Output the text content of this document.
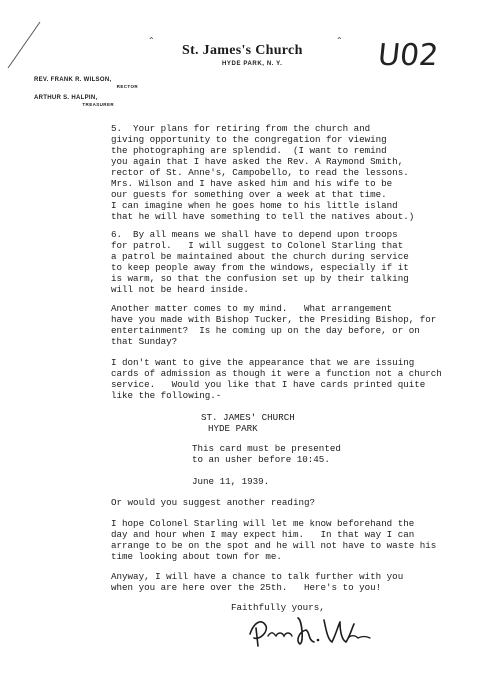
⌃	⌃
St. James's Church
HYDE PARK, N. Y.
REV. FRANK R. WILSON,
RECTOR
ARTHUR S. HALPIN,
TREASURER
U02
5.  Your plans for retiring from the church and
giving opportunity to the congregation for viewing
the photographing are splendid.  (I want to remind
you again that I have asked the Rev. A Raymond Smith,
rector of St. Anne's, Campobello, to read the lessons.
Mrs. Wilson and I have asked him and his wife to be
our guests for something over a week at that time.
I can imagine when he goes home to his little island
that he will have something to tell the natives about.)
6.  By all means we shall have to depend upon troops
for patrol.   I will suggest to Colonel Starling that
a patrol be maintained about the church during service
to keep people away from the windows, especially if it
is warm, so that the confusion set up by their talking
will not be heard inside.
Another matter comes to my mind.   What arrangement
have you made with Bishop Tucker, the Presiding Bishop, for
entertainment?  Is he coming up on the day before, or on
that Sunday?
I don't want to give the appearance that we are issuing
cards of admission as though it were a function not a church
service.   Would you like that I have cards printed quite
like the following.-
ST. JAMES' CHURCH
HYDE PARK
This card must be presented
to an usher before 10:45.
June 11, 1939.
Or would you suggest another reading?
I hope Colonel Starling will let me know beforehand the
day and hour when I may expect him.   In that way I can
arrange to be on the spot and he will not have to waste his
time looking about town for me.
Anyway, I will have a chance to talk further with you
when you are here over the 25th.   Here's to you!
Faithfully yours,
